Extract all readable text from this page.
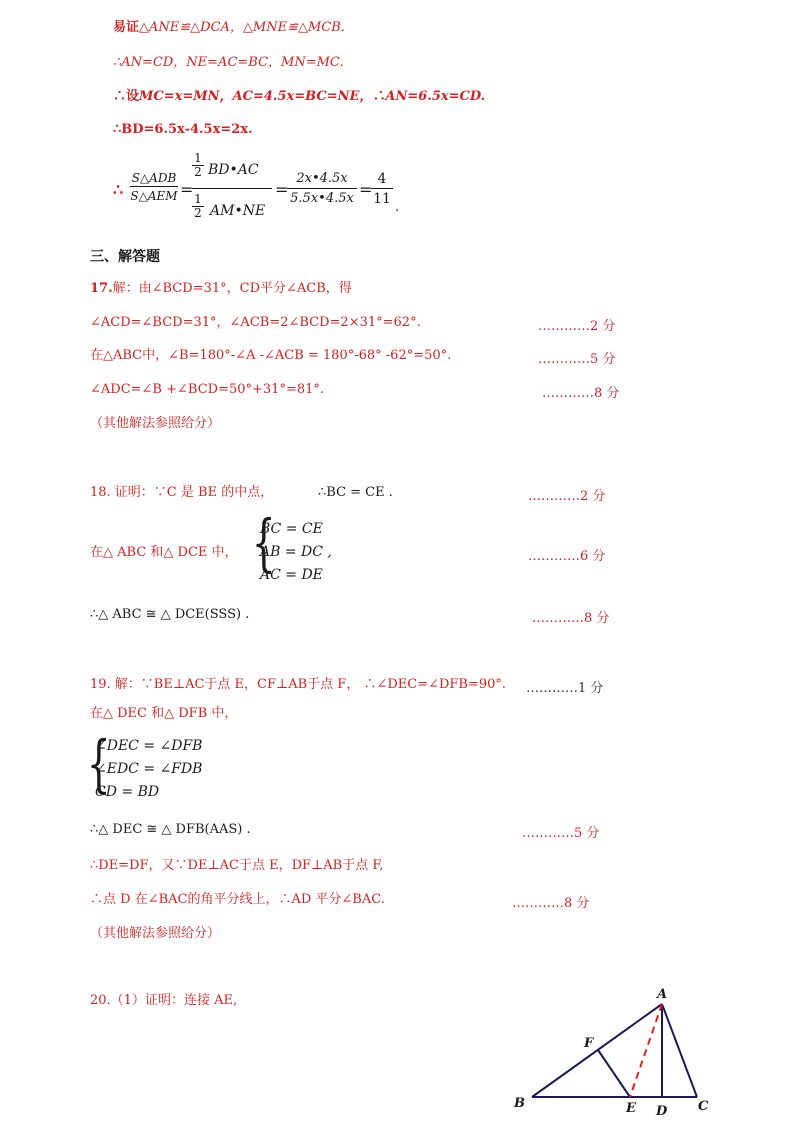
易证△ANE≌△DCA，△MNE≌△MCB.
∴AN=CD，NE=AC=BC，MN=MC.
∴设MC=x=MN，AC=4.5x=BC=NE，∴AN=6.5x=CD.
∴BD=6.5x-4.5x=2x.
∴
S△ADB
S△AEM =
1
2 BD•AC
1
2 AM•NE
=
2x•4.5x
5.5x•4.5x =
4
11
.
三、解答题
17.解：由∠BCD=31°，CD平分∠ACB，得
∠ACD=∠BCD=31°，∠ACB=2∠BCD=2×31°=62°.	…………2 分
在△ABC中，∠B=180°-∠A -∠ACB = 180°-68° -62°=50°.	…………5 分
∠ADC=∠B +∠BCD=50°+31°=81°.	…………8 分
（其他解法参照给分）
18. 证明：∵C 是 BE 的中点，	∴BC = CE .	…………2 分
在△ ABC 和△ DCE 中， {
BC = CE
AB = DC ,
AC = DE
…………6 分
∴△ ABC ≅ △ DCE(SSS) .	…………8 分
19. 解：∵BE⊥AC于点 E，CF⊥AB于点 F， ∴∠DEC=∠DFB=90°. …………1 分
在△ DEC 和△ DFB 中，
{
∠DEC = ∠DFB
∠EDC = ∠FDB
CD = BD
∴△ DEC ≅ △ DFB(AAS) .	…………5 分
∴DE=DF，又∵DE⊥AC于点 E，DF⊥AB于点 F,
∴点 D 在∠BAC的角平分线上，∴AD 平分∠BAC.	…………8 分
（其他解法参照给分）
20.（1）证明：连接 AE,	A
B	C
D
E
F
